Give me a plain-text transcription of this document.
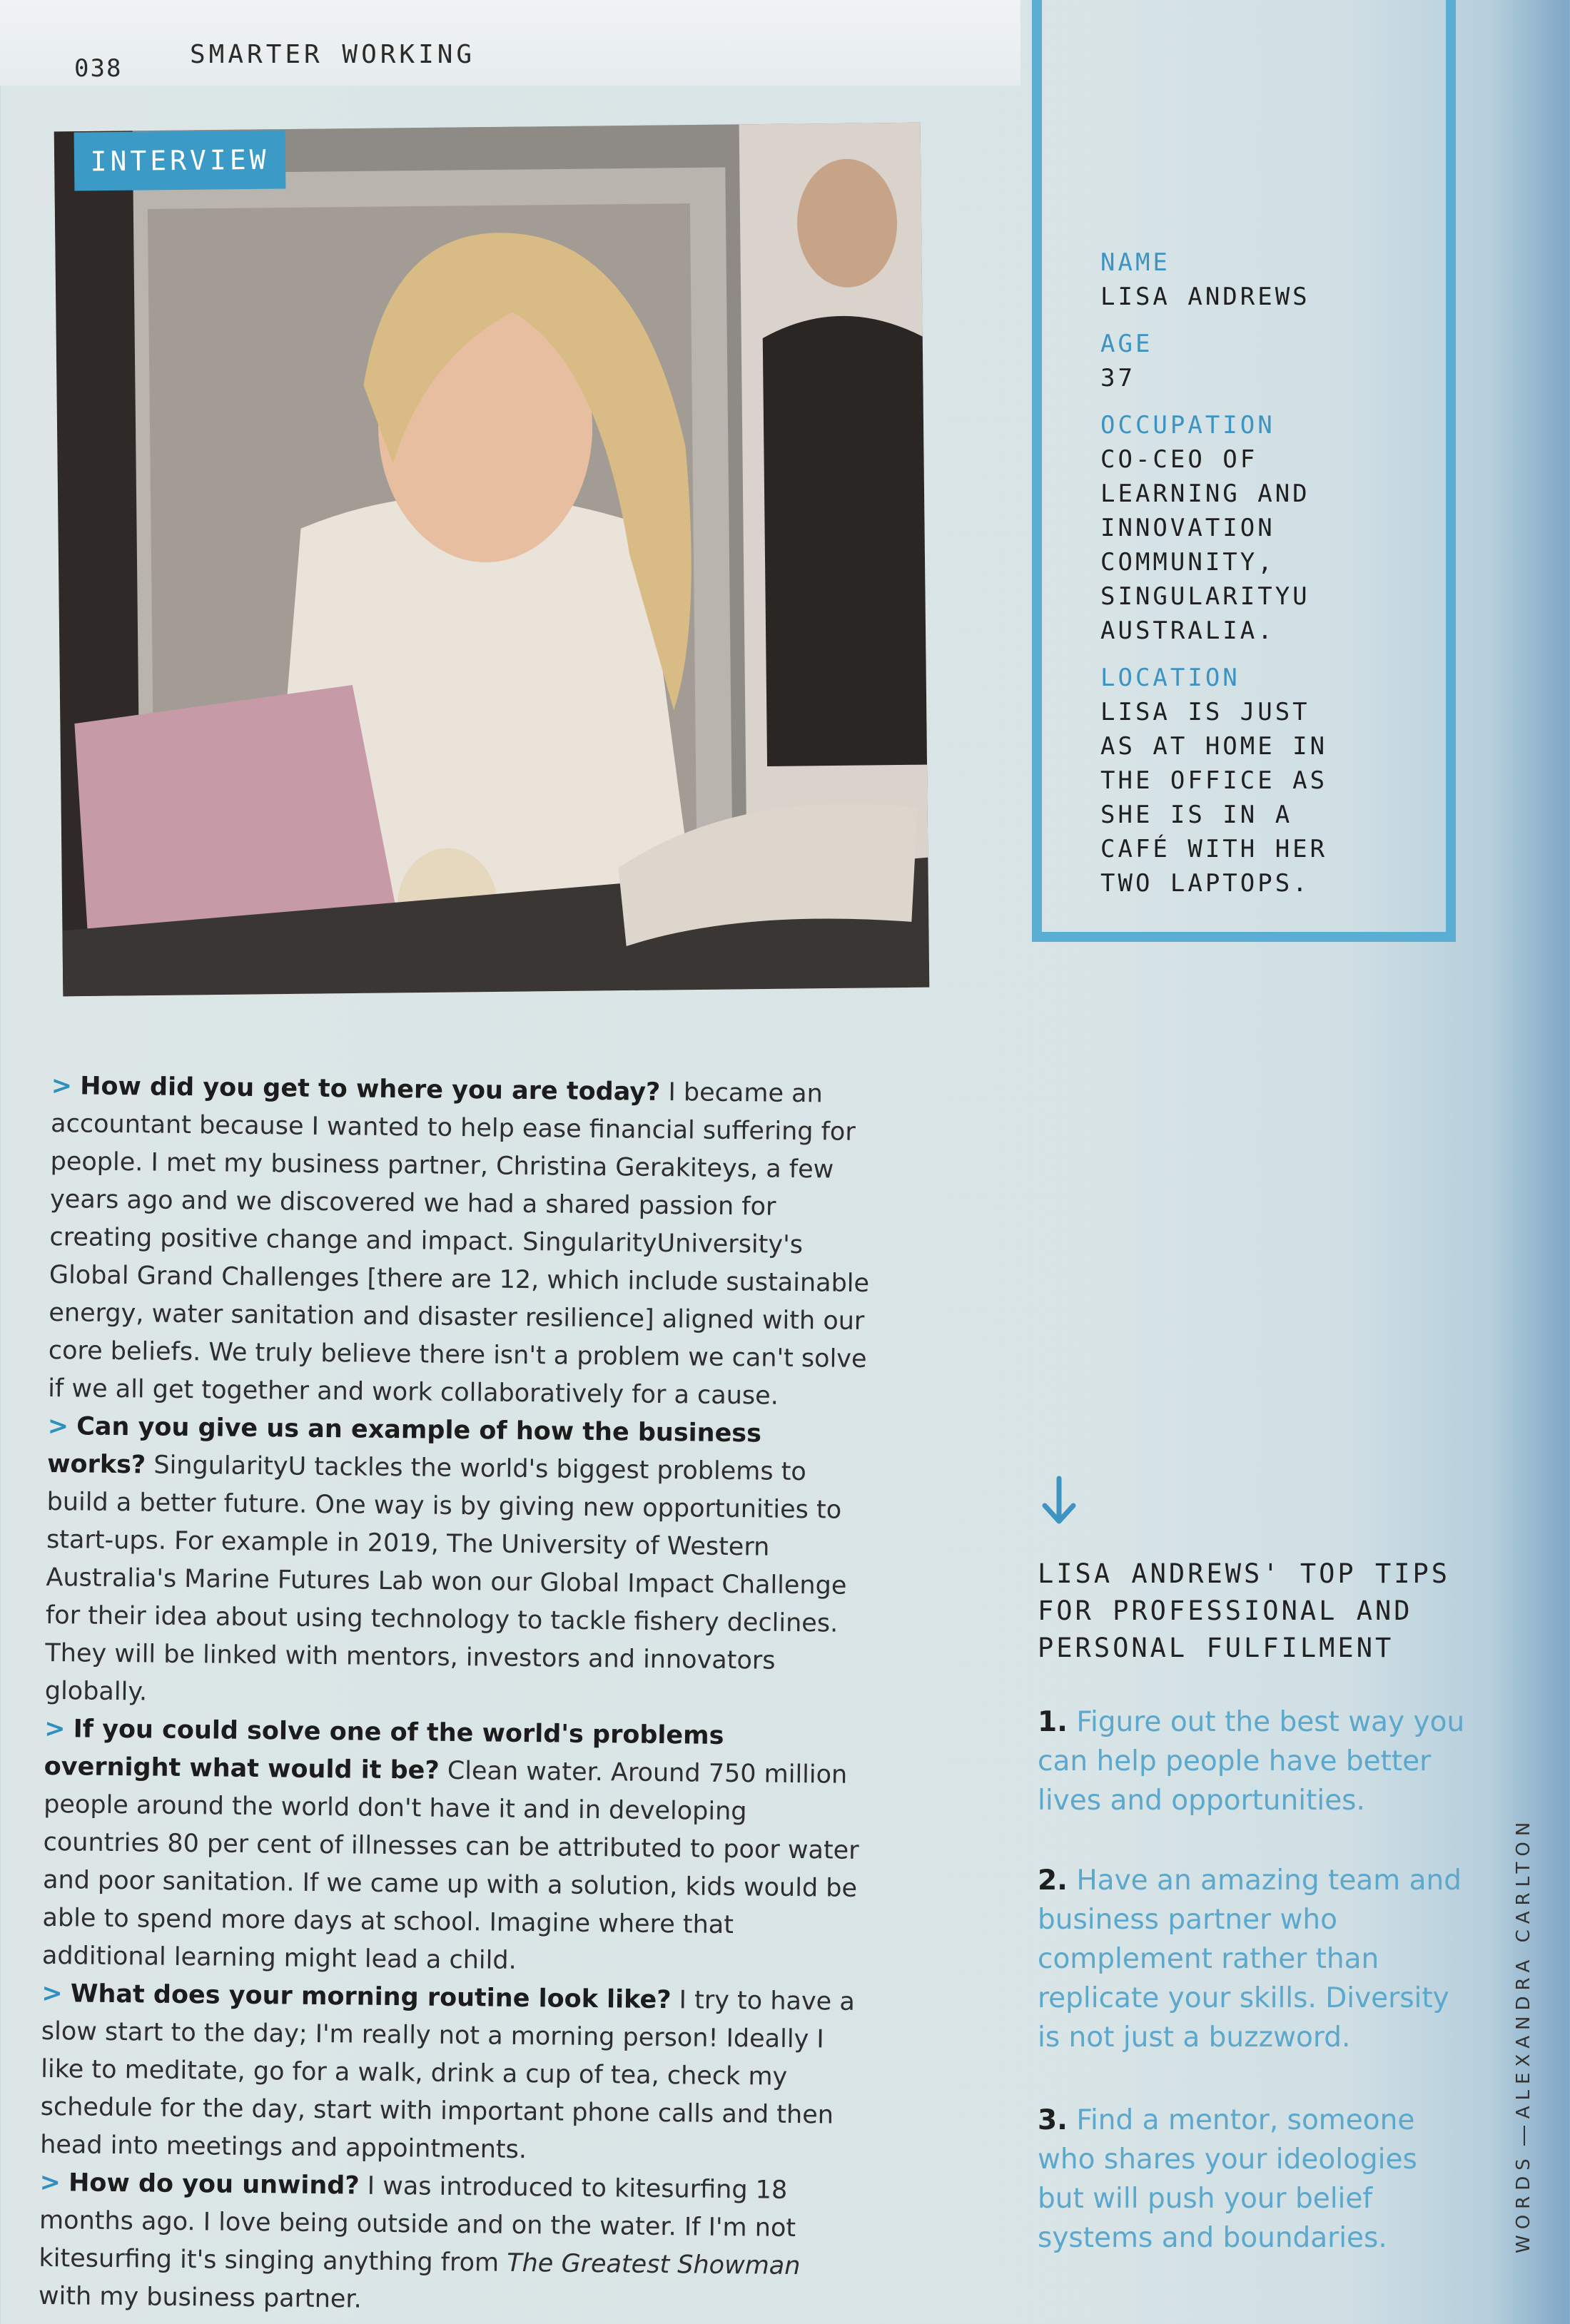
038	SMARTER WORKING
INTERVIEW
NAME
LISA ANDREWS
AGE
37
OCCUPATION
CO-CEO OF
LEARNING AND
INNOVATION
COMMUNITY,
SINGULARITYU
AUSTRALIA.
LOCATION
LISA IS JUST
AS AT HOME IN
THE OFFICE AS
SHE IS IN A
CAFÉ WITH HER
TWO LAPTOPS.

> How did you get to where you are today? I became an accountant because I wanted to help ease financial suffering for people. I met my business partner, Christina Gerakiteys, a few years ago and we discovered we had a shared passion for creating positive change and impact. SingularityUniversity's Global Grand Challenges [there are 12, which include sustainable energy, water sanitation and disaster resilience] aligned with our core beliefs. We truly believe there isn't a problem we can't solve if we all get together and work collaboratively for a cause.

> Can you give us an example of how the business works? SingularityU tackles the world's biggest problems to build a better future. One way is by giving new opportunities to start-ups. For example in 2019, The University of Western Australia's Marine Futures Lab won our Global Impact Challenge for their idea about using technology to tackle fishery declines. They will be linked with mentors, investors and innovators globally.

> If you could solve one of the world's problems overnight what would it be? Clean water. Around 750 million people around the world don't have it and in developing countries 80 per cent of illnesses can be attributed to poor water and poor sanitation. If we came up with a solution, kids would be able to spend more days at school. Imagine where that additional learning might lead a child.

> What does your morning routine look like? I try to have a slow start to the day; I'm really not a morning person! Ideally I like to meditate, go for a walk, drink a cup of tea, check my schedule for the day, start with important phone calls and then head into meetings and appointments.

> How do you unwind? I was introduced to kitesurfing 18 months ago. I love being outside and on the water. If I'm not kitesurfing it's singing anything from The Greatest Showman with my business partner.

LISA ANDREWS' TOP TIPS
FOR PROFESSIONAL AND
PERSONAL FULFILMENT
1. Figure out the best way you can help people have better lives and opportunities.
2. Have an amazing team and business partner who complement rather than replicate your skills. Diversity is not just a buzzword.
3. Find a mentor, someone who shares your ideologies but will push your belief systems and boundaries.	WORDSALEXANDRA CARLTON
